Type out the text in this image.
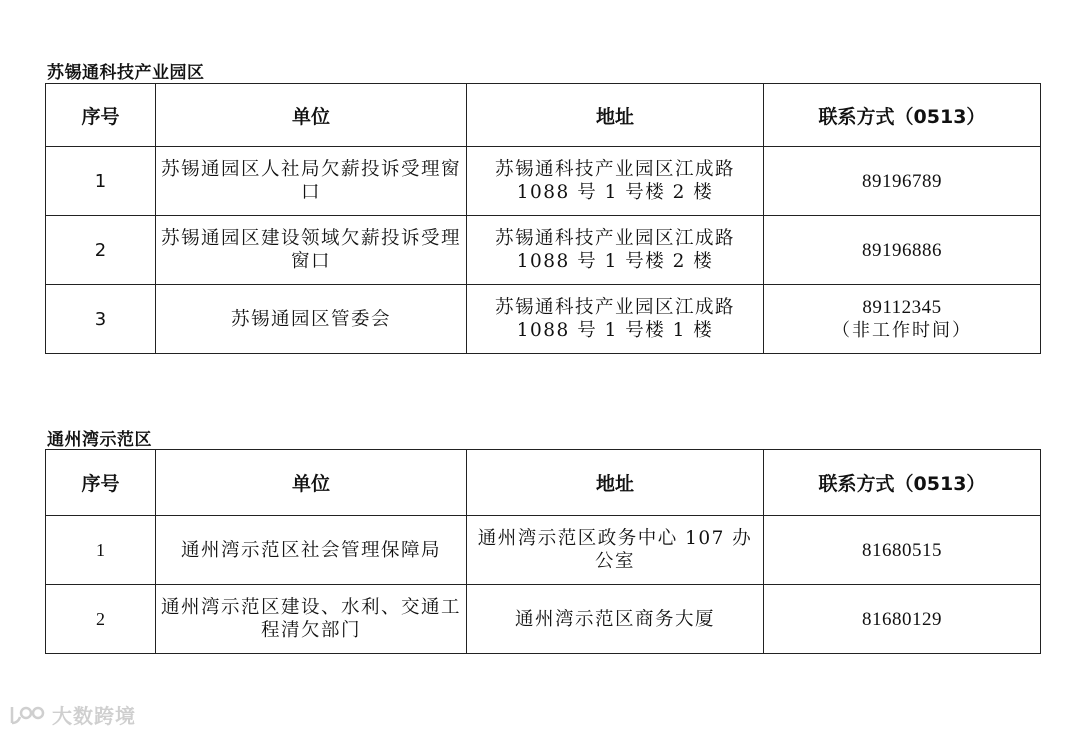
苏锡通科技产业园区
序号	单位	地址	联系方式（0513）
1	苏锡通园区人社局欠薪投诉受理窗口	苏锡通科技产业园区江成路1088 号 1 号楼 2 楼	89196789
2	苏锡通园区建设领域欠薪投诉受理窗口	苏锡通科技产业园区江成路1088 号 1 号楼 2 楼	89196886
3	苏锡通园区管委会	苏锡通科技产业园区江成路1088 号 1 号楼 1 楼	89112345
（非工作时间）
通州湾示范区
序号	单位	地址	联系方式（0513）
1	通州湾示范区社会管理保障局	通州湾示范区政务中心 107 办公室	81680515
2	通州湾示范区建设、水利、交通工程清欠部门	通州湾示范区商务大厦	81680129
大数跨境
